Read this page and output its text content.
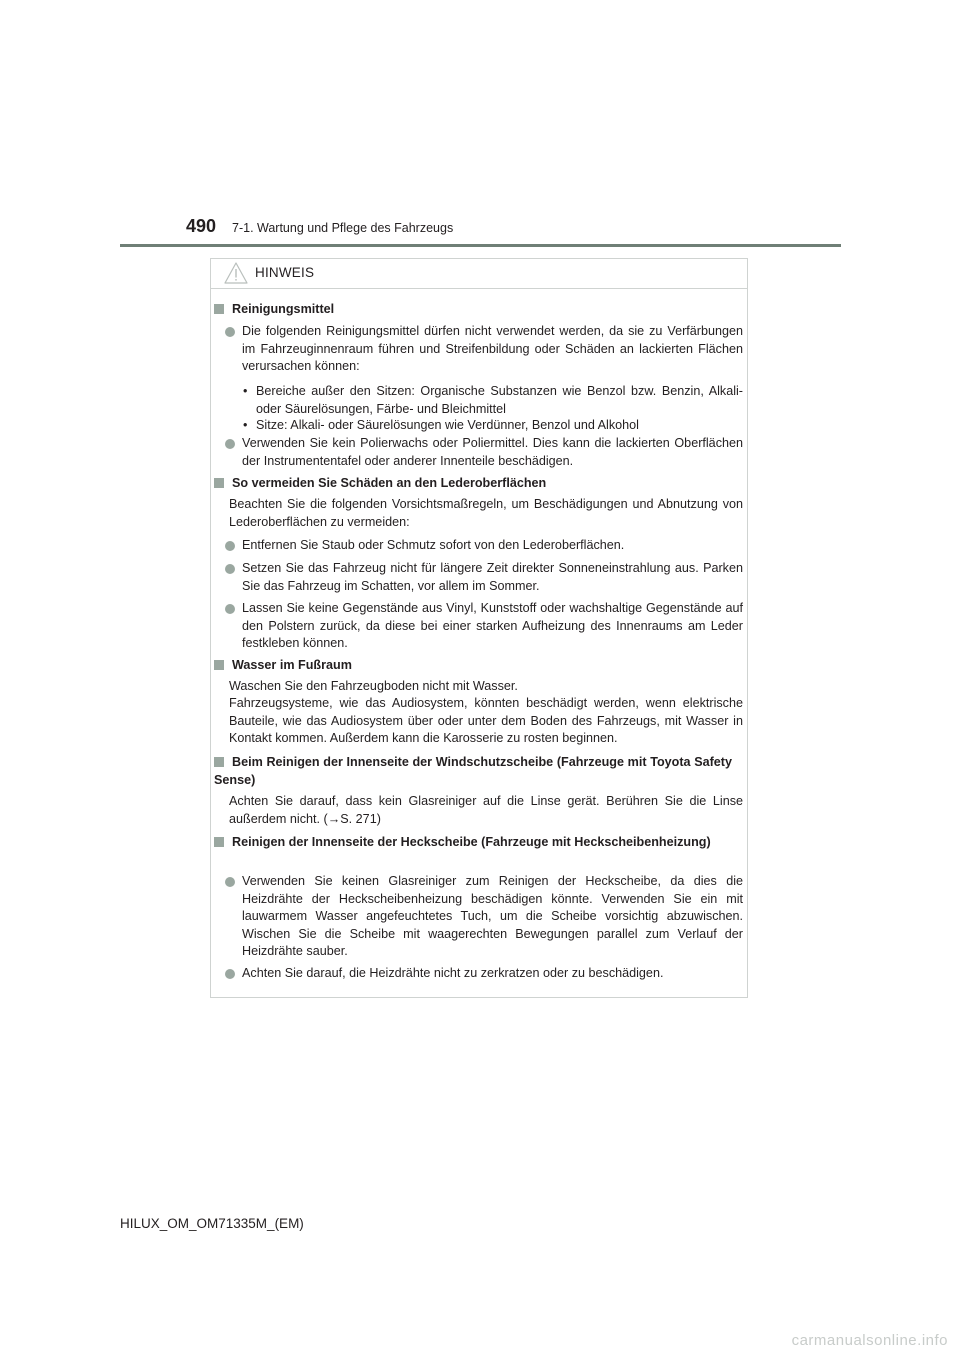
490 7-1. Wartung und Pflege des Fahrzeugs
HINWEIS
Reinigungsmittel
Die folgenden Reinigungsmittel dürfen nicht verwendet werden, da sie zu Verfärbungen im Fahrzeuginnenraum führen und Streifenbildung oder Schäden an lackierten Flächen verursachen können:
• Bereiche außer den Sitzen: Organische Substanzen wie Benzol bzw. Benzin, Alkali- oder Säurelösungen, Färbe- und Bleichmittel
• Sitze: Alkali- oder Säurelösungen wie Verdünner, Benzol und Alkohol
Verwenden Sie kein Polierwachs oder Poliermittel. Dies kann die lackierten Oberflächen der Instrumententafel oder anderer Innenteile beschädigen.
So vermeiden Sie Schäden an den Lederoberflächen
Beachten Sie die folgenden Vorsichtsmaßregeln, um Beschädigungen und Abnutzung von Lederoberflächen zu vermeiden:
Entfernen Sie Staub oder Schmutz sofort von den Lederoberflächen.
Setzen Sie das Fahrzeug nicht für längere Zeit direkter Sonneneinstrahlung aus. Parken Sie das Fahrzeug im Schatten, vor allem im Sommer.
Lassen Sie keine Gegenstände aus Vinyl, Kunststoff oder wachshaltige Gegenstände auf den Polstern zurück, da diese bei einer starken Aufheizung des Innenraums am Leder festkleben können.
Wasser im Fußraum
Waschen Sie den Fahrzeugboden nicht mit Wasser.
Fahrzeugsysteme, wie das Audiosystem, könnten beschädigt werden, wenn elektrische Bauteile, wie das Audiosystem über oder unter dem Boden des Fahrzeugs, mit Wasser in Kontakt kommen. Außerdem kann die Karosserie zu rosten beginnen.
Beim Reinigen der Innenseite der Windschutzscheibe (Fahrzeuge mit Toyota Safety Sense)
Achten Sie darauf, dass kein Glasreiniger auf die Linse gerät. Berühren Sie die Linse außerdem nicht. (→S. 271)
Reinigen der Innenseite der Heckscheibe (Fahrzeuge mit Heckscheibenheizung)
Verwenden Sie keinen Glasreiniger zum Reinigen der Heckscheibe, da dies die Heizdrähte der Heckscheibenheizung beschädigen könnte. Verwenden Sie ein mit lauwarmem Wasser angefeuchtetes Tuch, um die Scheibe vorsichtig abzuwischen. Wischen Sie die Scheibe mit waagerechten Bewegungen parallel zum Verlauf der Heizdrähte sauber.
Achten Sie darauf, die Heizdrähte nicht zu zerkratzen oder zu beschädigen.
HILUX_OM_OM71335M_(EM)
carmanualsonline.info
